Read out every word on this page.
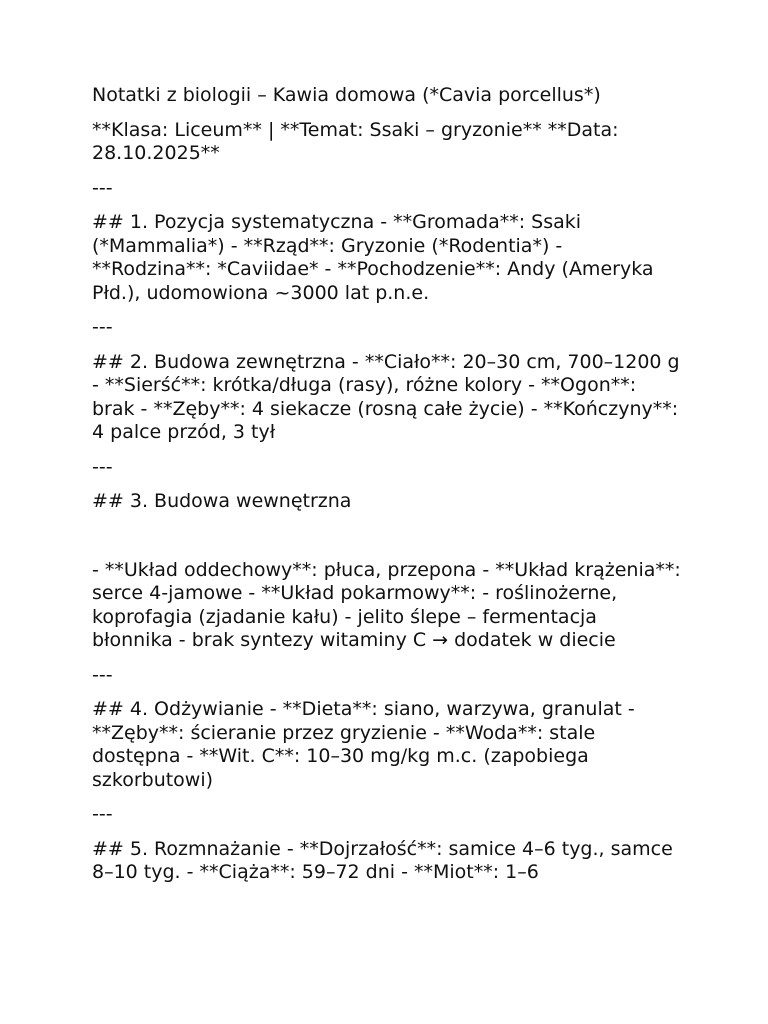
Notatki z biologii – Kawia domowa (*Cavia porcellus*)

**Klasa: Liceum** | **Temat: Ssaki – gryzonie** **Data: 28.10.2025**

---

## 1. Pozycja systematyczna - **Gromada**: Ssaki (*Mammalia*) - **Rząd**: Gryzonie (*Rodentia*) - **Rodzina**: *Caviidae* - **Pochodzenie**: Andy (Ameryka Płd.), udomowiona ~3000 lat p.n.e.

---

## 2. Budowa zewnętrzna - **Ciało**: 20–30 cm, 700–1200 g - **Sierść**: krótka/długa (rasy), różne kolory - **Ogon**: brak - **Zęby**: 4 siekacze (rosną całe życie) - **Kończyny**: 4 palce przód, 3 tył

---

## 3. Budowa wewnętrzna

- **Układ oddechowy**: płuca, przepona - **Układ krążenia**: serce 4-jamowe - **Układ pokarmowy**: - roślinożerne, koprofagia (zjadanie kału) - jelito ślepe – fermentacja błonnika - brak syntezy witaminy C → dodatek w diecie

---

## 4. Odżywianie - **Dieta**: siano, warzywa, granulat - **Zęby**: ścieranie przez gryzienie - **Woda**: stale dostępna - **Wit. C**: 10–30 mg/kg m.c. (zapobiega szkorbutowi)

---

## 5. Rozmnażanie - **Dojrzałość**: samice 4–6 tyg., samce 8–10 tyg. - **Ciąża**: 59–72 dni - **Miot**: 1–6
